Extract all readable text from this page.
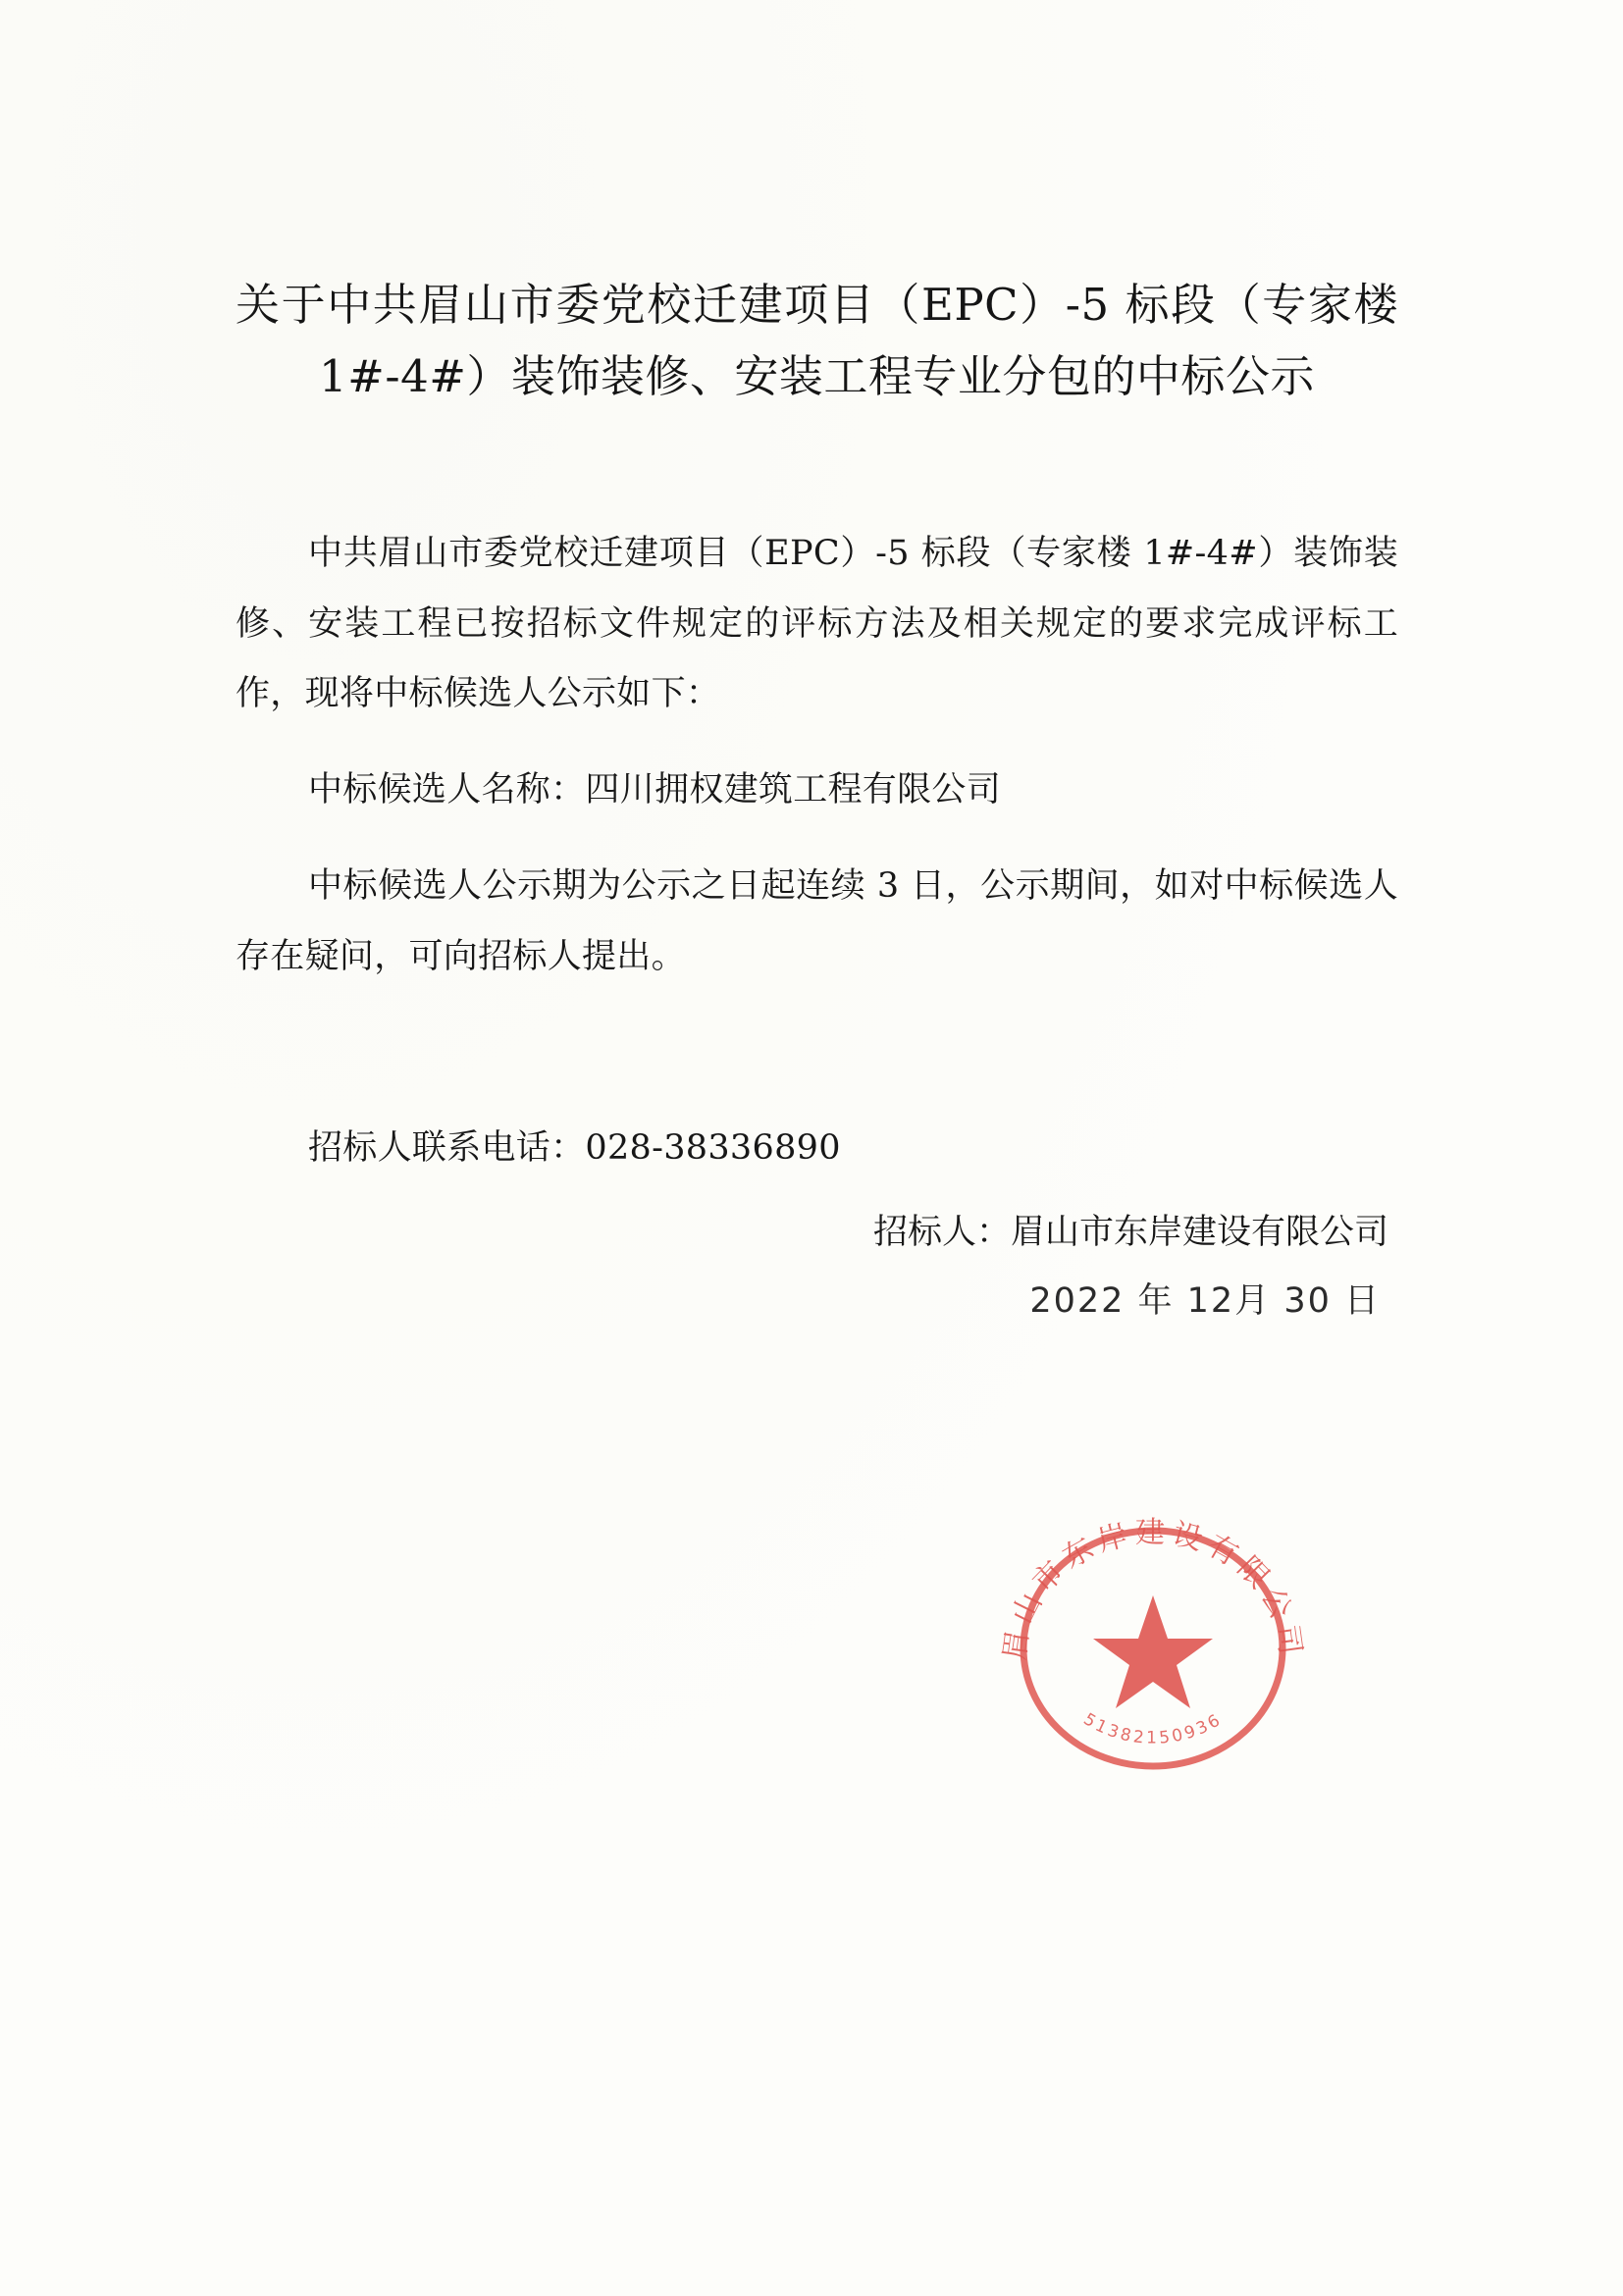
关于中共眉山市委党校迁建项目（EPC）-5 标段（专家楼 1#-4#）装饰装修、安装工程专业分包的中标公示

中共眉山市委党校迁建项目（EPC）-5 标段（专家楼 1#-4#）装饰装修、安装工程已按招标文件规定的评标方法及相关规定的要求完成评标工作，现将中标候选人公示如下：

中标候选人名称：四川拥权建筑工程有限公司

中标候选人公示期为公示之日起连续 3 日，公示期间，如对中标候选人存在疑问，可向招标人提出。

招标人联系电话：028-38336890

招标人：眉山市东岸建设有限公司
2022 年 12月 30 日
眉山市东岸建设有限公司
51382150936
